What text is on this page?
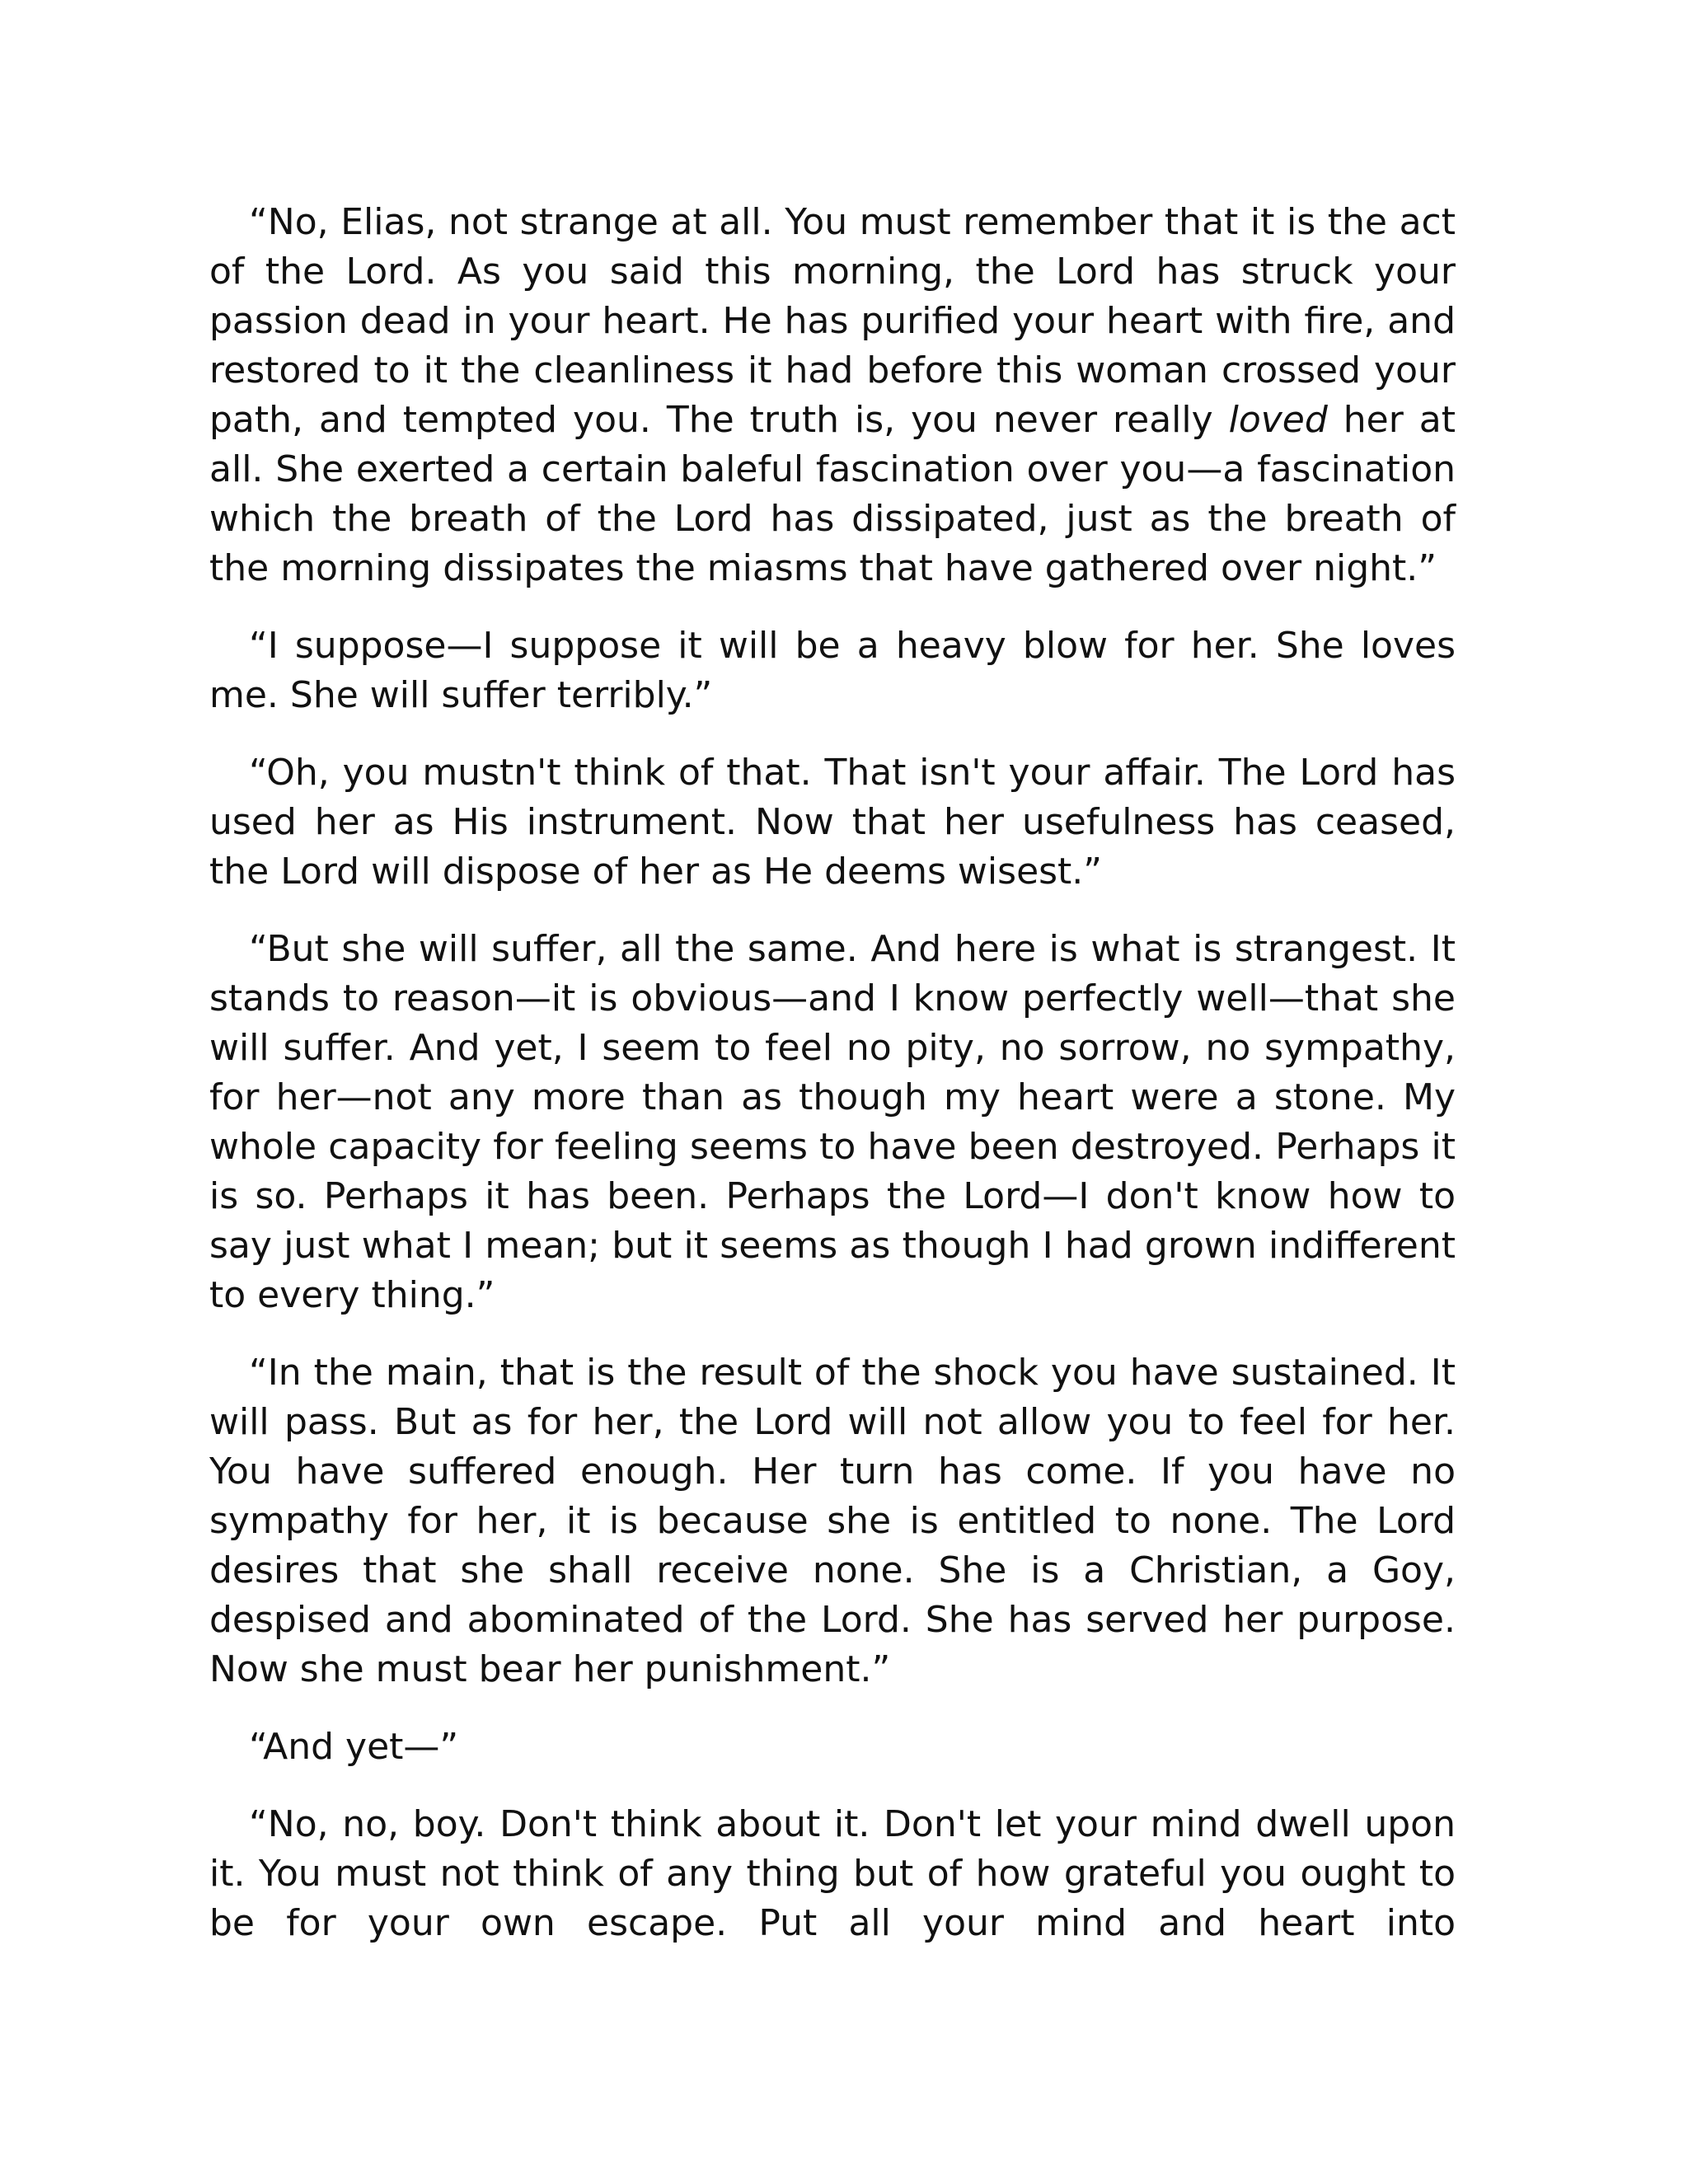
“No, Elias, not strange at all. You must remember that it is the act of the Lord. As you said this morning, the Lord has struck your passion dead in your heart. He has purified your heart with fire, and restored to it the cleanliness it had before this woman crossed your path, and tempted you. The truth is, you never really loved her at all. She exerted a certain baleful fascination over you—a fascination which the breath of the Lord has dissipated, just as the breath of the morning dissipates the miasms that have gathered over night.”

“I suppose—I suppose it will be a heavy blow for her. She loves me. She will suffer terribly.”

“Oh, you mustn't think of that. That isn't your affair. The Lord has used her as His instrument. Now that her usefulness has ceased, the Lord will dispose of her as He deems wisest.”

“But she will suffer, all the same. And here is what is strangest. It stands to reason—it is obvious—and I know perfectly well—that she will suffer. And yet, I seem to feel no pity, no sorrow, no sympathy, for her—not any more than as though my heart were a stone. My whole capacity for feeling seems to have been destroyed. Perhaps it is so. Perhaps it has been. Perhaps the Lord—I don't know how to say just what I mean; but it seems as though I had grown indifferent to every thing.”

“In the main, that is the result of the shock you have sustained. It will pass. But as for her, the Lord will not allow you to feel for her. You have suffered enough. Her turn has come. If you have no sympathy for her, it is because she is entitled to none. The Lord desires that she shall receive none. She is a Christian, a Goy, despised and abominated of the Lord. She has served her purpose. Now she must bear her punishment.”

“And yet—”

“No, no, boy. Don't think about it. Don't let your mind dwell upon it. You must not think of any thing but of how grateful you ought to be for your own escape. Put all your mind and heart into
